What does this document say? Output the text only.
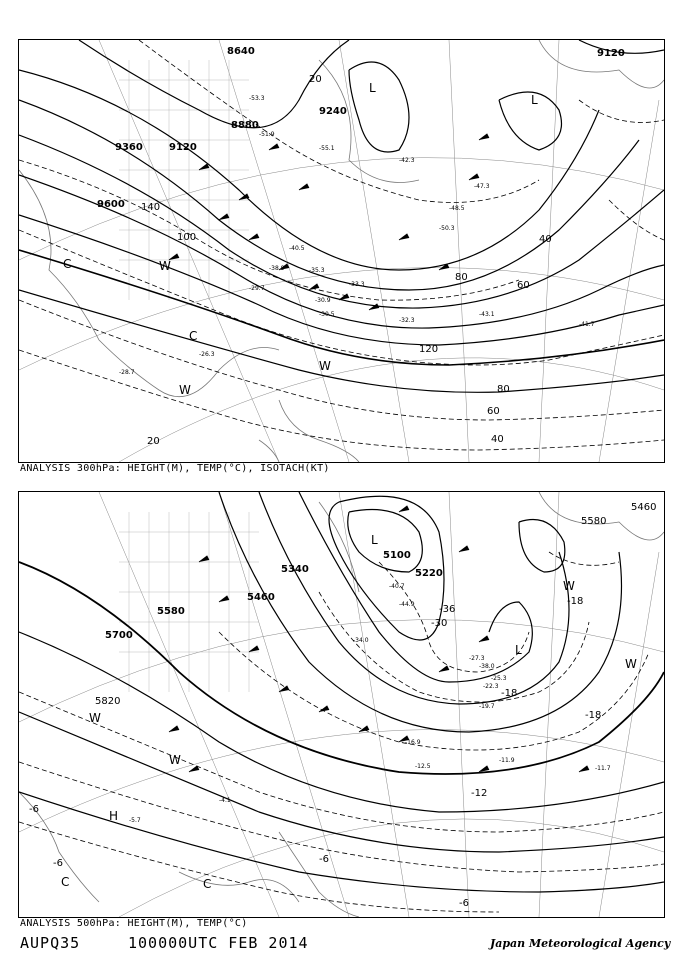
8640
8880
9120
9360
9600
9120
9240
20
40
60
80
100
120
140
80
60
40
20
-51.9
-53.3
-55.1
-47.3
-48.5
-50.3
-42.3
-40.5
-38.9	-35.3
-33.3
-32.3
-30.9
-30.5
-29.7
-28.7
-26.3
-41.7
-43.1
L
L
W
W
W
C
C
ANALYSIS 300hPa: HEIGHT(M), TEMP(°C), ISOTACH(KT)
5100
5220
5340
5460
5580
5700
5820
5580
5460
-36
-30
-18
-18
-12
-6
-6	-6
-6
-18
-40.7
-44.9
-27.3
-22.3
-19.7
-16.9
-12.5
-11.9
-11.7
-4.1
-5.7
-38.0
-25.3
-34.0
L
L
H
W
W
W
W
C	C
ANALYSIS 500hPa: HEIGHT(M), TEMP(°C)
AUPQ35	100000UTC FEB 2014	Japan Meteorological Agency
